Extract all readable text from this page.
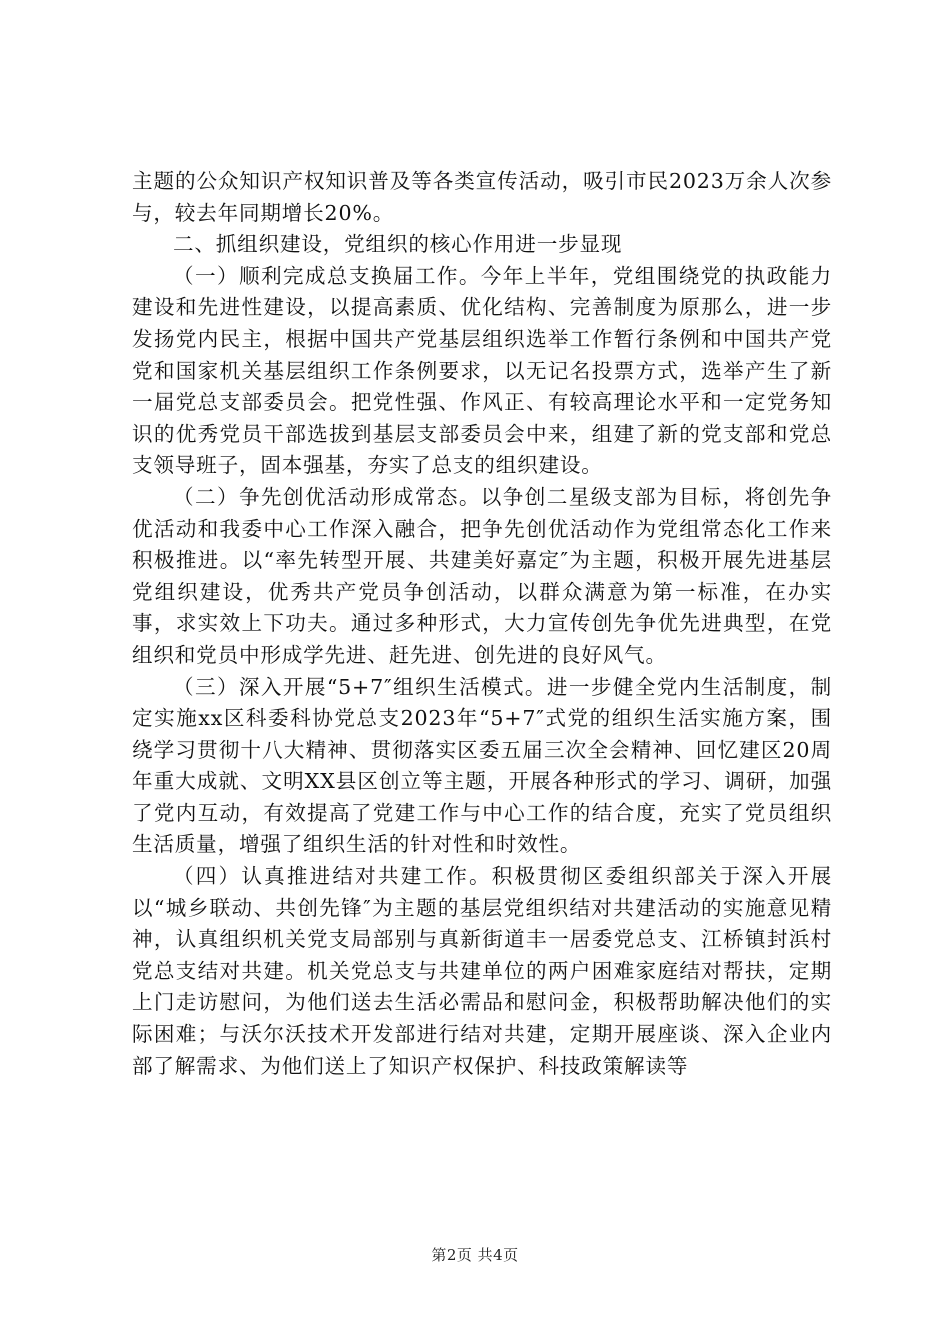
主题的公众知识产权知识普及等各类宣传活动，吸引市民2023万余人次参与，较去年同期增长20%。

二、抓组织建设，党组织的核心作用进一步显现

（一）顺利完成总支换届工作。今年上半年，党组围绕党的执政能力建设和先进性建设，以提高素质、优化结构、完善制度为原那么，进一步发扬党内民主，根据中国共产党基层组织选举工作暂行条例和中国共产党党和国家机关基层组织工作条例要求，以无记名投票方式，选举产生了新一届党总支部委员会。把党性强、作风正、有较高理论水平和一定党务知识的优秀党员干部选拔到基层支部委员会中来，组建了新的党支部和党总支领导班子，固本强基，夯实了总支的组织建设。

（二）争先创优活动形成常态。以争创二星级支部为目标，将创先争优活动和我委中心工作深入融合，把争先创优活动作为党组常态化工作来积极推进。以“率先转型开展、共建美好嘉定″为主题，积极开展先进基层党组织建设，优秀共产党员争创活动，以群众满意为第一标准，在办实事，求实效上下功夫。通过多种形式，大力宣传创先争优先进典型，在党组织和党员中形成学先进、赶先进、创先进的良好风气。

（三）深入开展“5+7″组织生活模式。进一步健全党内生活制度，制定实施xx区科委科协党总支2023年“5+7″式党的组织生活实施方案，围绕学习贯彻十八大精神、贯彻落实区委五届三次全会精神、回忆建区20周年重大成就、文明XX县区创立等主题，开展各种形式的学习、调研，加强了党内互动，有效提高了党建工作与中心工作的结合度，充实了党员组织生活质量，增强了组织生活的针对性和时效性。

（四）认真推进结对共建工作。积极贯彻区委组织部关于深入开展以“城乡联动、共创先锋″为主题的基层党组织结对共建活动的实施意见精神，认真组织机关党支局部别与真新街道丰一居委党总支、江桥镇封浜村党总支结对共建。机关党总支与共建单位的两户困难家庭结对帮扶，定期上门走访慰问，为他们送去生活必需品和慰问金，积极帮助解决他们的实际困难；与沃尔沃技术开发部进行结对共建，定期开展座谈、深入企业内部了解需求、为他们送上了知识产权保护、科技政策解读等

第2页 共4页
